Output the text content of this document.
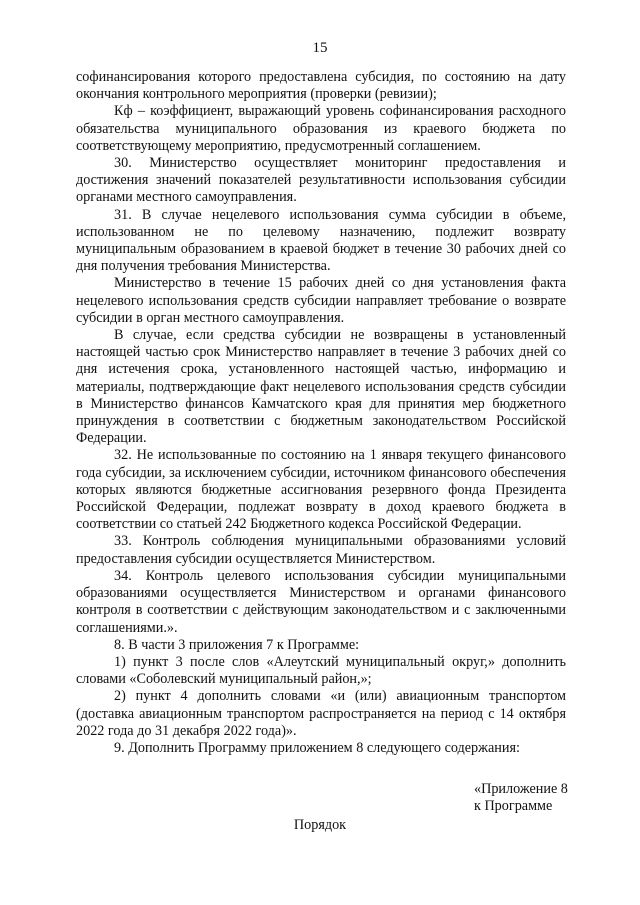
15

софинансирования которого предоставлена субсидия, по состоянию на дату окончания контрольного мероприятия (проверки (ревизии);

Кф – коэффициент, выражающий уровень софинансирования расходного обязательства муниципального образования из краевого бюджета по соответствующему мероприятию, предусмотренный соглашением.

30. Министерство осуществляет мониторинг предоставления и достижения значений показателей результативности использования субсидии органами местного самоуправления.

31. В случае нецелевого использования сумма субсидии в объеме, использованном не по целевому назначению, подлежит возврату муниципальным образованием в краевой бюджет в течение 30 рабочих дней со дня получения требования Министерства.

Министерство в течение 15 рабочих дней со дня установления факта нецелевого использования средств субсидии направляет требование о возврате субсидии в орган местного самоуправления.

В случае, если средства субсидии не возвращены в установленный настоящей частью срок Министерство направляет в течение 3 рабочих дней со дня истечения срока, установленного настоящей частью, информацию и материалы, подтверждающие факт нецелевого использования средств субсидии в Министерство финансов Камчатского края для принятия мер бюджетного принуждения в соответствии с бюджетным законодательством Российской Федерации.

32. Не использованные по состоянию на 1 января текущего финансового года субсидии, за исключением субсидии, источником финансового обеспечения которых являются бюджетные ассигнования резервного фонда Президента Российской Федерации, подлежат возврату в доход краевого бюджета в соответствии со статьей 242 Бюджетного кодекса Российской Федерации.

33. Контроль соблюдения муниципальными образованиями условий предоставления субсидии осуществляется Министерством.

34. Контроль целевого использования субсидии муниципальными образованиями осуществляется Министерством и органами финансового контроля в соответствии с действующим законодательством и с заключенными соглашениями.».

8. В части 3 приложения 7 к Программе:

1) пункт 3 после слов «Алеутский муниципальный округ,» дополнить словами «Соболевский муниципальный район,»;

2) пункт 4 дополнить словами «и (или) авиационным транспортом (доставка авиационным транспортом распространяется на период с 14 октября 2022 года до 31 декабря 2022 года)».

9. Дополнить Программу приложением 8 следующего содержания:

«Приложение 8
к Программе
Порядок
